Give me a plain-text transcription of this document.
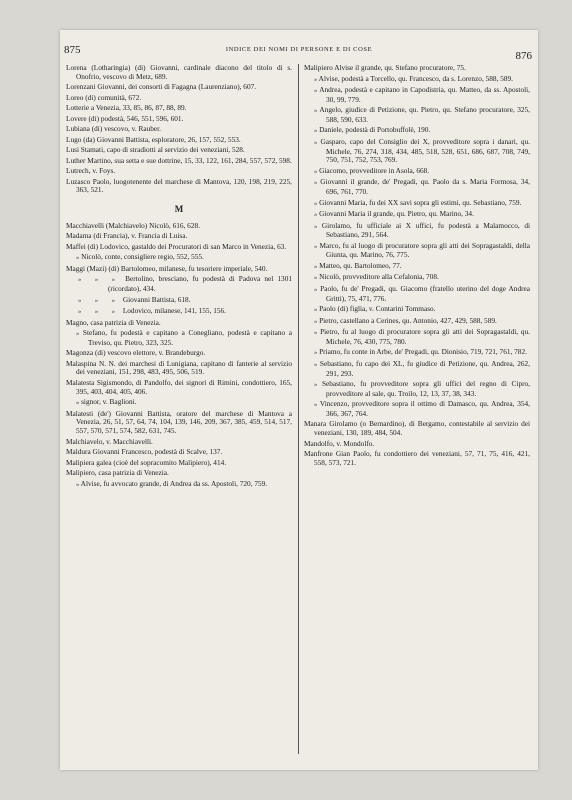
875	INDICE DEI NOMI DI PERSONE E DI COSE
876

Lorena (Lotharingia) (di) Giovanni, cardinale diacono del titolo di s. Onofrio, vescovo di Metz, 689.

Lorenzani Giovanni, dei consorti di Fagagna (Laurenziano), 607.

Loreo (di) comunità, 672.

Lotterie a Venezia, 33, 85, 86, 87, 88, 89.

Lovere (di) podestà, 546, 551, 596, 601.

Lubiana (di) vescovo, v. Rauber.

Lugo (da) Giovanni Battista, esploratore, 26, 157, 552, 553.

Lusi Stamati, capo di stradiotti al servizio dei veneziani, 528.

Luther Martino, sua setta e sue dottrine, 15, 33, 122, 161, 284, 557, 572, 598.

Lutrech, v. Foys.

Luzasco Paolo, luogotenente del marchese di Mantova, 120, 198, 219, 225, 363, 521.

M

Macchiavelli (Malchiavelo) Nicolò, 616, 628.

Madama (di Francia), v. Francia di Luisa.

Maffei (di) Lodovico, gastaldo dei Procuratori di san Marco in Venezia, 63.

» Nicolò, conte, consigliere regio, 552, 555.

Maggi (Mazi) (di) Bartolomeo, milanese, fu tesoriere imperiale, 540.

» » » Bertolino, bresciano, fu podestà di Padova nel 1301 (ricordato), 434.

» » » Giovanni Battista, 618.

» » » Lodovico, milanese, 141, 155, 156.

Magno, casa patrizia di Venezia.

» Stefano, fu podestà e capitano a Conegliano, podestà e capitano a Treviso, qu. Pietro, 323, 325.

Magonza (di) vescovo elettore, v. Brandeburgo.

Malaspina N. N. dei marchesi di Lunigiana, capitano di fanterie al servizio dei veneziani, 151, 298, 483, 495, 506, 519.

Malatesta Sigismondo, di Pandolfo, dei signori di Rimini, condottiero, 165, 395, 403, 404, 405, 406.

» signor, v. Baglioni.

Malatesti (de') Giovanni Battista, oratore del marchese di Mantova a Venezia, 26, 51, 57, 64, 74, 104, 139, 146, 209, 367, 385, 459, 514, 517, 557, 570, 571, 574, 582, 631, 745.

Malchiavelo, v. Macchiavelli.

Maldura Giovanni Francesco, podestà di Scalve, 137.

Malipiera galea (cioè del sopracomito Malipiero), 414.

Malipiero, casa patrizia di Venezia.

» Alvise, fu avvocato grande, di Andrea da ss. Apostoli, 720, 759.

Malipiero Alvise il grande, qu. Stefano procuratore, 75.

» Alvise, podestà a Torcello, qu. Francesco, da s. Lorenzo, 588, 589.

» Andrea, podestà e capitano in Capodistria, qu. Matteo, da ss. Apostoli, 30, 99, 779.

» Angelo, giudice di Petizione, qu. Pietro, qu. Stefano procuratore, 325, 588, 590, 633.

» Daniele, podestà di Portobuffolè, 190.

» Gasparo, capo del Consiglio dei X, provveditore sopra i danari, qu. Michele, 76, 274, 318, 434, 485, 518, 528, 651, 686, 687, 708, 749, 750, 751, 752, 753, 769.

» Giacomo, provveditore in Asola, 668.

» Giovanni il grande, de' Pregadi, qu. Paolo da s. Maria Formosa, 34, 696, 761, 770.

» Giovanni Maria, fu dei XX savi sopra gli estimi, qu. Sebastiano, 759.

» Giovanni Maria il grande, qu. Pietro, qu. Marino, 34.

» Girolamo, fu ufficiale ai X uffici, fu podestà a Malamocco, di Sebastiano, 291, 564.

» Marco, fu al luogo di procuratore sopra gli atti dei Sopragastaldi, della Giunta, qu. Marino, 76, 775.

» Matteo, qu. Bartolomeo, 77.

» Nicolò, provveditore alla Cefalonia, 708.

» Paolo, fu de' Pregadi, qu. Giacomo (fratello uterino del doge Andrea Gritti), 75, 471, 776.

» Paolo (di) figlia, v. Contarini Tommaso.

» Pietro, castellano a Cerines, qu. Antonio, 427, 429, 588, 589.

» Pietro, fu al luogo di procuratore sopra gli atti dei Sopragastaldi, qu. Michele, 76, 430, 775, 780.

» Priamo, fu conte in Arbe, de' Pregadi, qu. Dionisio, 719, 721, 761, 782.

» Sebastiano, fu capo dei XL, fu giudice di Petizione, qu. Andrea, 262, 291, 293.

» Sebastiano, fu provveditore sopra gli uffici del regno di Cipro, provveditore al sale, qu. Troilo, 12, 13, 37, 38, 343.

» Vincenzo, provveditore sopra il ottimo di Damasco, qu. Andrea, 354, 366, 367, 764.

Manara Girolamo (o Bernardino), di Bergamo, contestabile al servizio dei veneziani, 130, 189, 484, 504.

Mandolfo, v. Mondolfo.

Manfrone Gian Paolo, fu condottiero dei veneziani, 57, 71, 75, 416, 421, 558, 573, 721.
